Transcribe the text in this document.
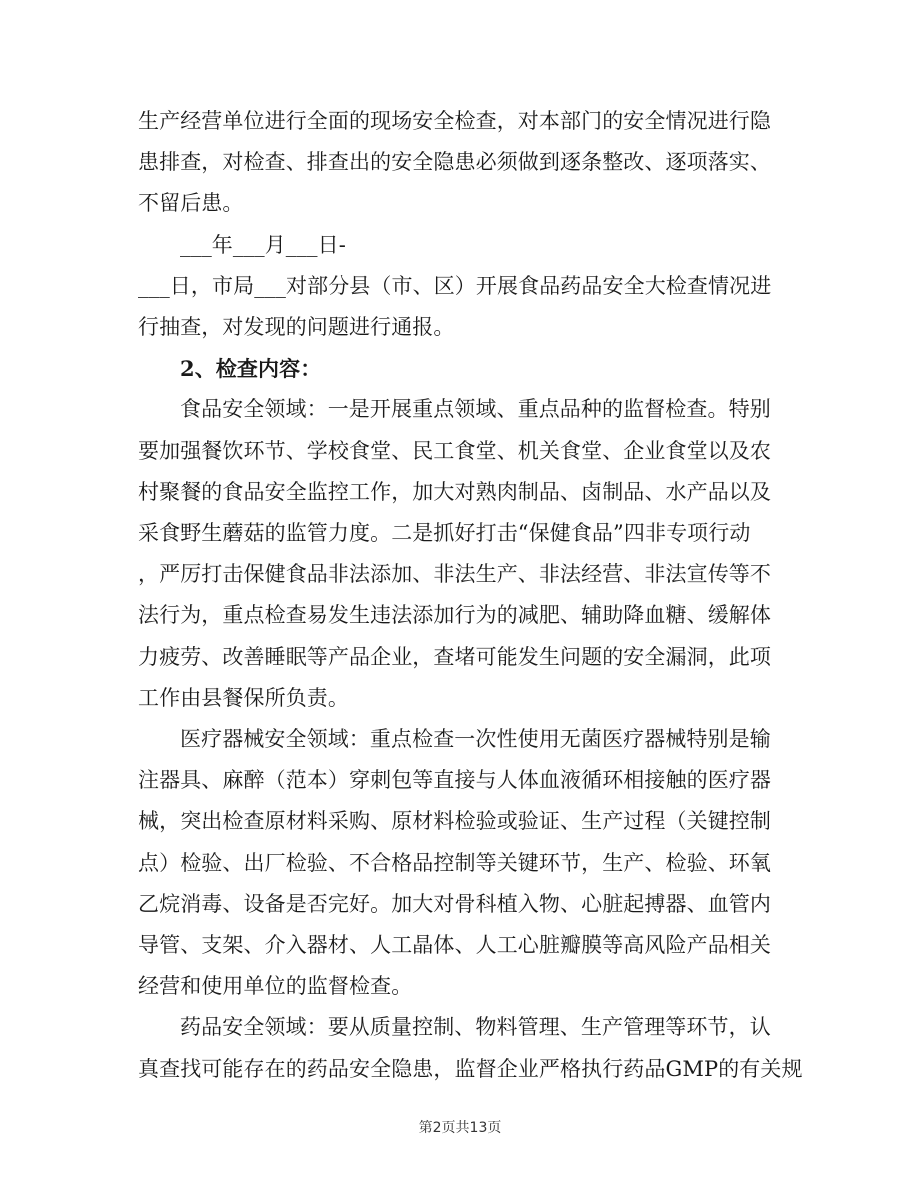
生产经营单位进行全面的现场安全检查，对本部门的安全情况进行隐
患排查，对检查、排查出的安全隐患必须做到逐条整改、逐项落实、
不留后患。
___年___月___日-
___日，市局___对部分县（市、区）开展食品药品安全大检查情况进
行抽查，对发现的问题进行通报。
2、检查内容：
食品安全领域：一是开展重点领域、重点品种的监督检查。特别
要加强餐饮环节、学校食堂、民工食堂、机关食堂、企业食堂以及农
村聚餐的食品安全监控工作，加大对熟肉制品、卤制品、水产品以及
采食野生蘑菇的监管力度。二是抓好打击“保健食品”四非专项行动
，严厉打击保健食品非法添加、非法生产、非法经营、非法宣传等不
法行为，重点检查易发生违法添加行为的减肥、辅助降血糖、缓解体
力疲劳、改善睡眠等产品企业，查堵可能发生问题的安全漏洞，此项
工作由县餐保所负责。
医疗器械安全领域：重点检查一次性使用无菌医疗器械特别是输
注器具、麻醉（范本）穿刺包等直接与人体血液循环相接触的医疗器
械，突出检查原材料采购、原材料检验或验证、生产过程（关键控制
点）检验、出厂检验、不合格品控制等关键环节，生产、检验、环氧
乙烷消毒、设备是否完好。加大对骨科植入物、心脏起搏器、血管内
导管、支架、介入器材、人工晶体、人工心脏瓣膜等高风险产品相关
经营和使用单位的监督检查。
药品安全领域：要从质量控制、物料管理、生产管理等环节，认
真查找可能存在的药品安全隐患，监督企业严格执行药品GMP的有关规
第2页共13页
